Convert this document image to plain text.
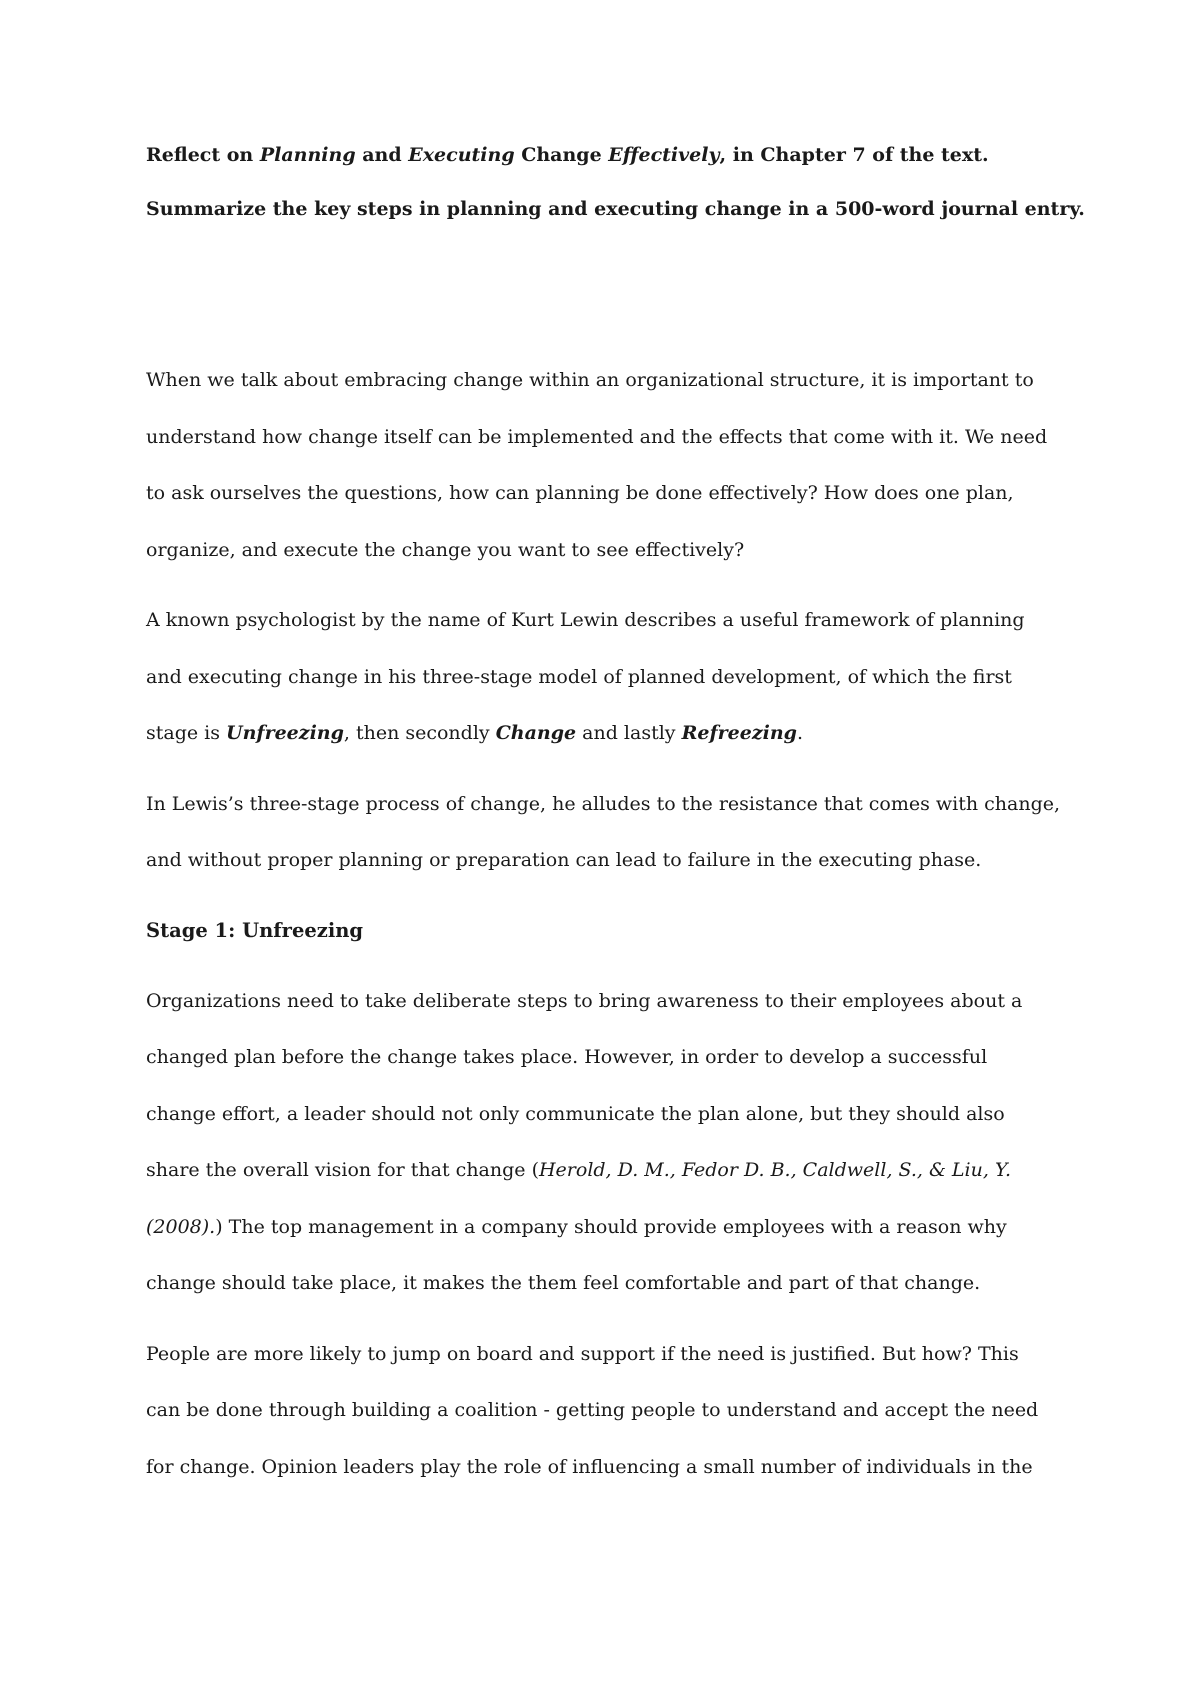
Reflect on Planning and Executing Change Effectively, in Chapter 7 of the text.

Summarize the key steps in planning and executing change in a 500-word journal entry.

When we talk about embracing change within an organizational structure, it is important to
understand how change itself can be implemented and the effects that come with it. We need
to ask ourselves the questions, how can planning be done effectively? How does one plan,
organize, and execute the change you want to see effectively?

A known psychologist by the name of Kurt Lewin describes a useful framework of planning
and executing change in his three-stage model of planned development, of which the first
stage is Unfreezing, then secondly Change and lastly Refreezing.

In Lewis’s three-stage process of change, he alludes to the resistance that comes with change,
and without proper planning or preparation can lead to failure in the executing phase.

Stage 1: Unfreezing

Organizations need to take deliberate steps to bring awareness to their employees about a
changed plan before the change takes place. However, in order to develop a successful
change effort, a leader should not only communicate the plan alone, but they should also
share the overall vision for that change (Herold, D. M., Fedor D. B., Caldwell, S., & Liu, Y.
(2008).) The top management in a company should provide employees with a reason why
change should take place, it makes the them feel comfortable and part of that change.

People are more likely to jump on board and support if the need is justified. But how? This
can be done through building a coalition - getting people to understand and accept the need
for change. Opinion leaders play the role of influencing a small number of individuals in the
